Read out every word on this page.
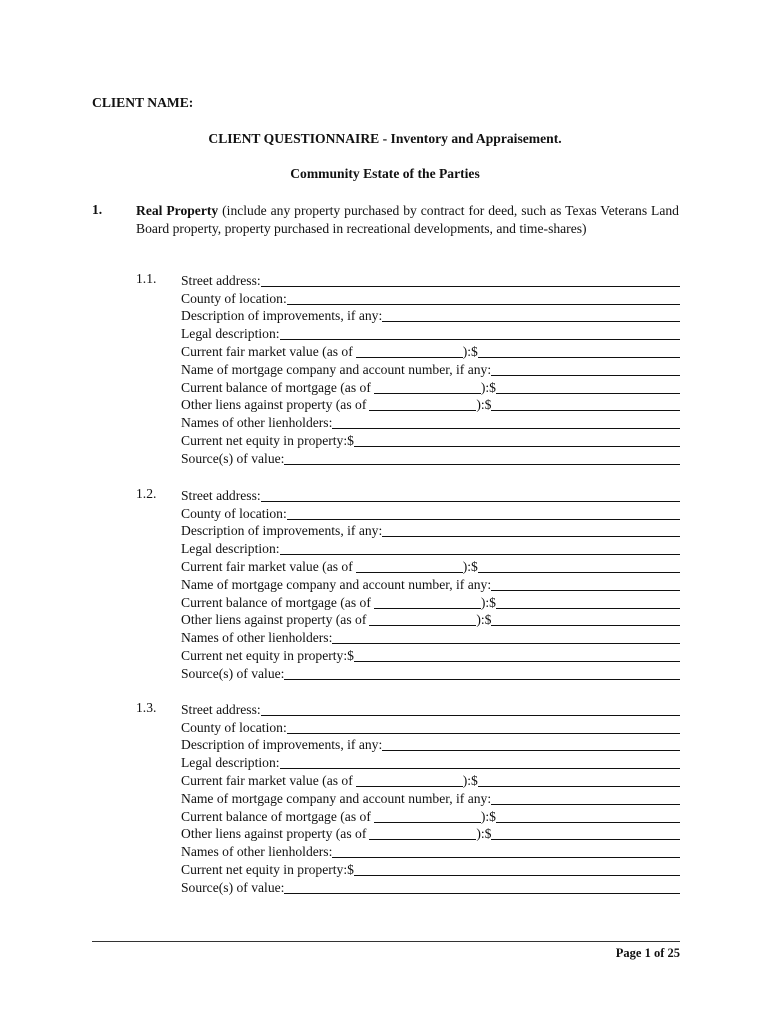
CLIENT NAME:
CLIENT QUESTIONNAIRE - Inventory and Appraisement.
Community Estate of the Parties
1. Real Property (include any property purchased by contract for deed, such as Texas Veterans Land Board property, property purchased in recreational developments, and time-shares)
1.1. Street address:
County of location:
Description of improvements, if any:
Legal description:
Current fair market value (as of	):$
Name of mortgage company and account number, if any:
Current balance of mortgage (as of	):$
Other liens against property (as of	):$
Names of other lienholders:
Current net equity in property:$
Source(s) of value:
1.2. Street address:
County of location:
Description of improvements, if any:
Legal description:
Current fair market value (as of	):$
Name of mortgage company and account number, if any:
Current balance of mortgage (as of	):$
Other liens against property (as of	):$
Names of other lienholders:
Current net equity in property:$
Source(s) of value:
1.3. Street address:
County of location:
Description of improvements, if any:
Legal description:
Current fair market value (as of	):$
Name of mortgage company and account number, if any:
Current balance of mortgage (as of	):$
Other liens against property (as of	):$
Names of other lienholders:
Current net equity in property:$
Source(s) of value:
Page 1 of 25
